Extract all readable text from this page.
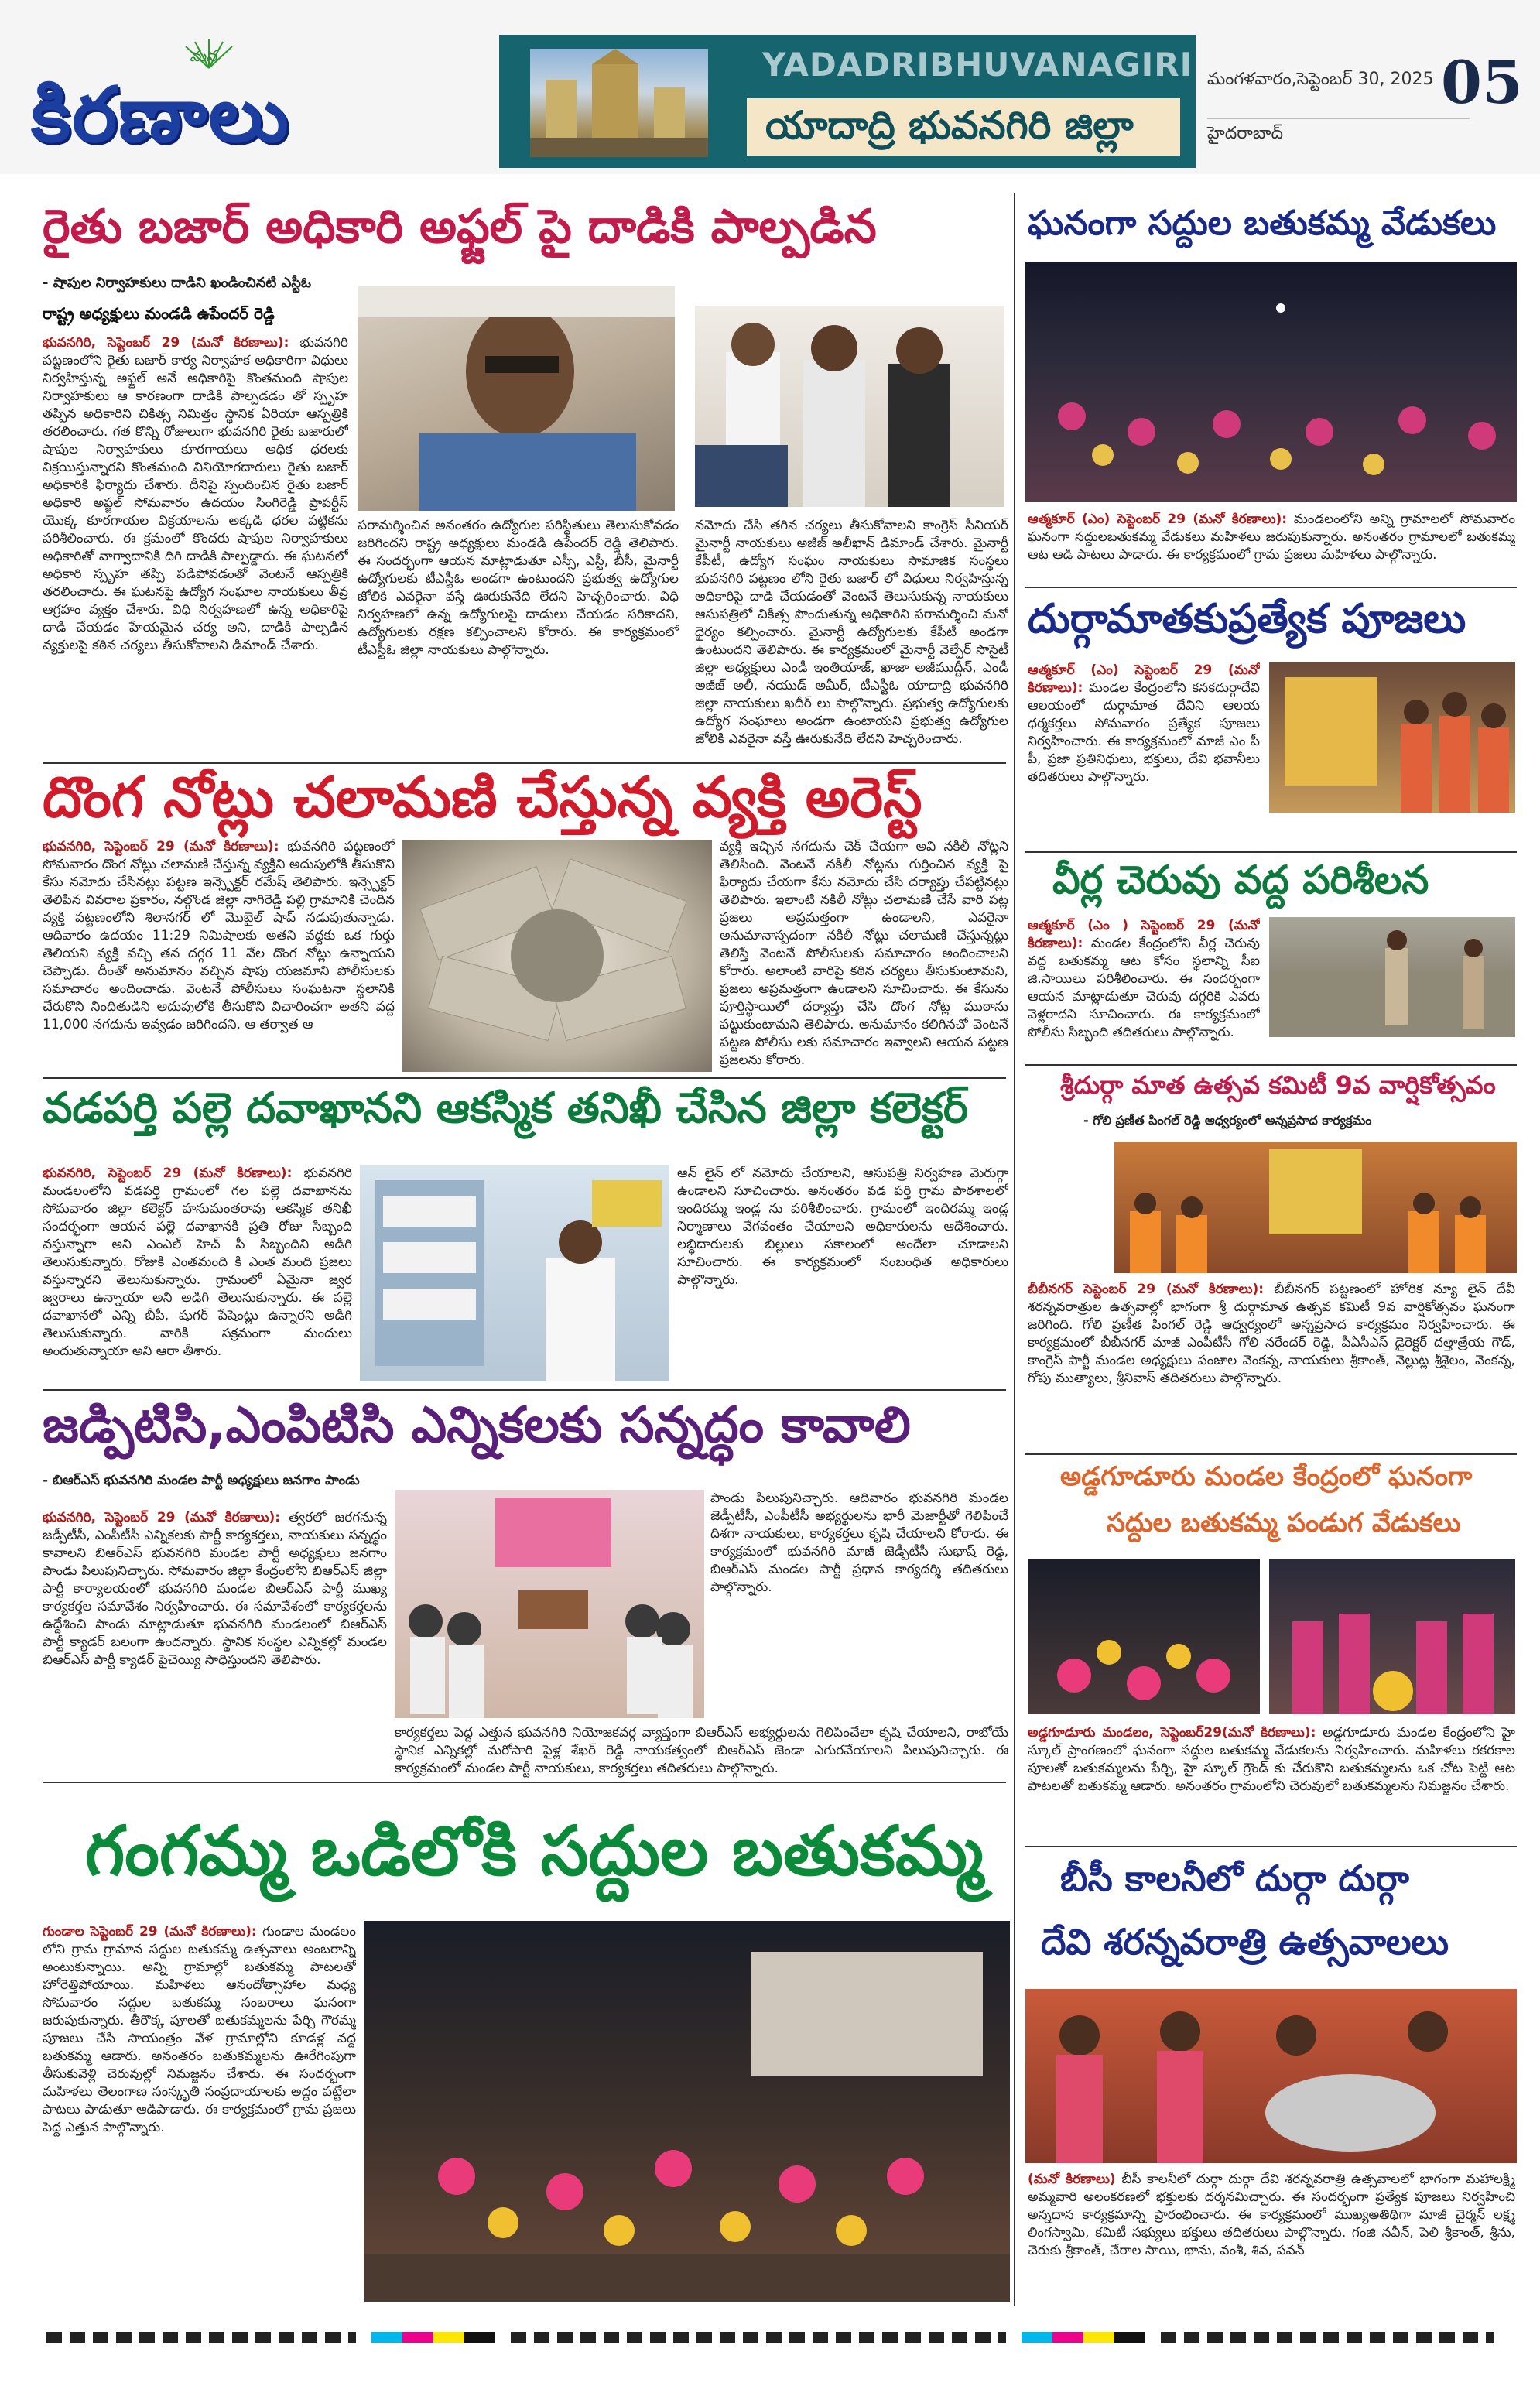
మన
కిరణాలు
YADADRIBHUVANAGIRI
యాదాద్రి భువనగిరి జిల్లా
మంగళవారం,సెప్టెంబర్ 30, 2025
హైదరాబాద్
05
రైతు బజార్ అధికారి అఫ్జల్ పై దాడికి పాల్పడిన
- షాపుల నిర్వాహకులు దాడిని ఖండించినటి ఎస్టీఓ
రాష్ట్ర అధ్యక్షులు మండడి ఉపేందర్ రెడ్డి
భువనగిరి, సెప్టెంబర్ 29 (మనో కిరణాలు): భువనగిరి పట్టణంలోని రైతు బజార్ కార్య నిర్వాహక అధికారిగా విధులు నిర్వహిస్తున్న అఫ్జల్ అనే అధికారిపై కొంతమంది షాపుల నిర్వాహకులు ఆ కారణంగా దాడికి పాల్పడడం తో స్పృహ తప్పిన అధికారిని చికిత్స నిమిత్తం స్థానిక ఏరియా ఆస్పత్రికి తరలించారు. గత కొన్ని రోజులుగా భువనగిరి రైతు బజారులో షాపుల నిర్వాహకులు కూరగాయలు అధిక ధరలకు విక్రయిస్తున్నారని కొంతమంది వినియోగదారులు రైతు బజార్ అధికారికి ఫిర్యాదు చేశారు. దీనిపై స్పందించిన రైతు బజార్ అధికారి అఫ్జల్ సోమవారం ఉదయం సింగిరెడ్డి ప్రాపర్టీస్ యొక్క కూరగాయల విక్రయాలను అక్కడి ధరల పట్టికను పరిశీలించారు. ఈ క్రమంలో కొందరు షాపుల నిర్వాహకులు అధికారితో వాగ్వాదానికి దిగి దాడికి పాల్పడ్డారు. ఈ ఘటనలో అధికారి స్పృహ తప్పి పడిపోవడంతో వెంటనే ఆస్పత్రికి తరలించారు. ఈ ఘటనపై ఉద్యోగ సంఘాల నాయకులు తీవ్ర ఆగ్రహం వ్యక్తం చేశారు. విధి నిర్వహణలో ఉన్న అధికారిపై దాడి చేయడం హేయమైన చర్య అని, దాడికి పాల్పడిన వ్యక్తులపై కఠిన చర్యలు తీసుకోవాలని డిమాండ్ చేశారు.
పరామర్శించిన అనంతరం ఉద్యోగుల పరిస్థితులు తెలుసుకోవడం జరిగిందని రాష్ట్ర అధ్యక్షులు మండడి ఉపేందర్ రెడ్డి తెలిపారు. ఈ సందర్భంగా ఆయన మాట్లాడుతూ ఎస్సీ, ఎస్టీ, బీసీ, మైనార్టీ ఉద్యోగులకు టీఎస్టీఓ అండగా ఉంటుందని ప్రభుత్వ ఉద్యోగుల జోలికి ఎవరైనా వస్తే ఊరుకునేది లేదని హెచ్చరించారు. విధి నిర్వహణలో ఉన్న ఉద్యోగులపై దాడులు చేయడం సరికాదని, ఉద్యోగులకు రక్షణ కల్పించాలని కోరారు. ఈ కార్యక్రమంలో టీఎస్టీఓ జిల్లా నాయకులు పాల్గొన్నారు.
నమోదు చేసి తగిన చర్యలు తీసుకోవాలని కాంగ్రెస్ సీనియర్ మైనార్టీ నాయకులు అజీజ్ అలీఖాన్ డిమాండ్ చేశారు. మైనార్టీ కేపీటీ, ఉద్యోగ సంఘం నాయకులు సామాజిక సంస్థలు భువనగిరి పట్టణం లోని రైతు బజార్ లో విధులు నిర్వహిస్తున్న అధికారిపై దాడి చేయడంతో వెంటనే తెలుసుకున్న నాయకులు ఆసుపత్రిలో చికిత్స పొందుతున్న అధికారిని పరామర్శించి మనో ధైర్యం కల్పించారు. మైనార్టీ ఉద్యోగులకు కేపీటీ అండగా ఉంటుందని తెలిపారు. ఈ కార్యక్రమంలో మైనార్టీ వెల్ఫేర్ సొసైటీ జిల్లా అధ్యక్షులు ఎండీ ఇంతియాజ్, ఖాజా అజీముద్దీన్, ఎండీ అజీజ్ అలీ, నయుడ్ అమీర్, టీఎస్టీఓ యాదాద్రి భువనగిరి జిల్లా నాయకులు ఖదీర్ లు పాల్గొన్నారు. ప్రభుత్వ ఉద్యోగులకు ఉద్యోగ సంఘాలు అండగా ఉంటాయని ప్రభుత్వ ఉద్యోగుల జోలికి ఎవరైనా వస్తే ఊరుకునేది లేదని హెచ్చరించారు.
దొంగ నోట్లు చలామణి చేస్తున్న వ్యక్తి అరెస్ట్
భువనగిరి, సెప్టెంబర్ 29 (మనో కిరణాలు): భువనగిరి పట్టణంలో సోమవారం దొంగ నోట్లు చలామణి చేస్తున్న వ్యక్తిని అదుపులోకి తీసుకొని కేసు నమోదు చేసినట్లు పట్టణ ఇన్స్పెక్టర్ రమేష్ తెలిపారు. ఇన్స్పెక్టర్ తెలిపిన వివరాల ప్రకారం, నల్గొండ జిల్లా నాగిరెడ్డి పల్లి గ్రామానికి చెందిన వ్యక్తి పట్టణంలోని శిలానగర్ లో మొబైల్ షాప్ నడుపుతున్నాడు. ఆదివారం ఉదయం 11:29 నిమిషాలకు అతని వద్దకు ఒక గుర్తు తెలియని వ్యక్తి వచ్చి తన దగ్గర 11 వేల దొంగ నోట్లు ఉన్నాయని చెప్పాడు. దీంతో అనుమానం వచ్చిన షాపు యజమాని పోలీసులకు సమాచారం అందించాడు. వెంటనే పోలీసులు సంఘటనా స్థలానికి చేరుకొని నిందితుడిని అదుపులోకి తీసుకొని విచారించగా అతని వద్ద 11,000 నగదును ఇవ్వడం జరిగిందని, ఆ తర్వాత ఆ
వ్యక్తి ఇచ్చిన నగదును చెక్ చేయగా అవి నకిలీ నోట్లని తెలిసింది. వెంటనే నకిలీ నోట్లను గుర్తించిన వ్యక్తి పై ఫిర్యాదు చేయగా కేసు నమోదు చేసి దర్యాప్తు చేపట్టినట్లు తెలిపారు. ఇలాంటి నకిలీ నోట్లు చలామణి చేసే వారి పట్ల ప్రజలు అప్రమత్తంగా ఉండాలని, ఎవరైనా అనుమానాస్పదంగా నకిలీ నోట్లు చలామణి చేస్తున్నట్లు తెలిస్తే వెంటనే పోలీసులకు సమాచారం అందించాలని కోరారు. అలాంటి వారిపై కఠిన చర్యలు తీసుకుంటామని, ప్రజలు అప్రమత్తంగా ఉండాలని సూచించారు. ఈ కేసును పూర్తిస్థాయిలో దర్యాప్తు చేసి దొంగ నోట్ల ముఠాను పట్టుకుంటామని తెలిపారు. అనుమానం కలిగినచో వెంటనే పట్టణ పోలీసు లకు సమాచారం ఇవ్వాలని ఆయన పట్టణ ప్రజలను కోరారు.
వడపర్తి పల్లె దవాఖానని ఆకస్మిక తనిఖీ చేసిన జిల్లా కలెక్టర్
భువనగిరి, సెప్టెంబర్ 29 (మనో కిరణాలు): భువనగిరి మండలంలోని వడపర్తి గ్రామంలో గల పల్లె దవాఖానను సోమవారం జిల్లా కలెక్టర్ హనుమంతరావు ఆకస్మిక తనిఖీ సందర్భంగా ఆయన పల్లె దవాఖానకి ప్రతి రోజు సిబ్బంది వస్తున్నారా అని ఎంఎల్ హెచ్ పీ సిబ్బందిని అడిగి తెలుసుకున్నారు. రోజుకి ఎంతమంది కి ఎంత మంది ప్రజలు వస్తున్నారని తెలుసుకున్నారు. గ్రామంలో ఏమైనా జ్వర జ్వరాలు ఉన్నాయా అని అడిగి తెలుసుకున్నారు. ఈ పల్లె దవాఖానలో ఎన్ని బీపీ, షుగర్ పేషెంట్లు ఉన్నారని అడిగి తెలుసుకున్నారు. వారికి సక్రమంగా మందులు అందుతున్నాయా అని ఆరా తీశారు.
ఆన్ లైన్ లో నమోదు చేయాలని, ఆసుపత్రి నిర్వహణ మెరుగ్గా ఉండాలని సూచించారు. అనంతరం వడ పర్తి గ్రామ పాఠశాలలో ఇందిరమ్మ ఇండ్ల ను పరిశీలించారు. గ్రామంలో ఇందిరమ్మ ఇండ్ల నిర్మాణాలు వేగవంతం చేయాలని అధికారులను ఆదేశించారు. లబ్ధిదారులకు బిల్లులు సకాలంలో అందేలా చూడాలని సూచించారు. ఈ కార్యక్రమంలో సంబంధిత అధికారులు పాల్గొన్నారు.
జడ్పిటిసి,ఎంపిటిసి ఎన్నికలకు సన్నద్ధం కావాలి
- బిఆర్ఎస్ భువనగిరి మండల పార్టీ అధ్యక్షులు జనగాం పాండు
భువనగిరి, సెప్టెంబర్ 29 (మనో కిరణాలు): త్వరలో జరగనున్న జడ్పీటీసీ, ఎంపీటీసీ ఎన్నికలకు పార్టీ కార్యకర్తలు, నాయకులు సన్నద్ధం కావాలని బిఆర్ఎస్ భువనగిరి మండల పార్టీ అధ్యక్షులు జనగాం పాండు పిలుపునిచ్చారు. సోమవారం జిల్లా కేంద్రంలోని బిఆర్ఎస్ జిల్లా పార్టీ కార్యాలయంలో భువనగిరి మండల బిఆర్ఎస్ పార్టీ ముఖ్య కార్యకర్తల సమావేశం నిర్వహించారు. ఈ సమావేశంలో కార్యకర్తలను ఉద్దేశించి పాండు మాట్లాడుతూ భువనగిరి మండలంలో బిఆర్ఎస్ పార్టీ క్యాడర్ బలంగా ఉందన్నారు. స్థానిక సంస్థల ఎన్నికల్లో మండల బిఆర్ఎస్ పార్టీ క్యాడర్ పైచెయ్యి సాధిస్తుందని తెలిపారు.
పాండు పిలుపునిచ్చారు. ఆదివారం భువనగిరి మండల జెడ్పీటీసీ, ఎంపీటీసీ అభ్యర్థులను భారీ మెజార్టీతో గెలిపించే దిశగా నాయకులు, కార్యకర్తలు కృషి చేయాలని కోరారు. ఈ కార్యక్రమంలో భువనగిరి మాజీ జెడ్పీటీసీ సుభాష్ రెడ్డి, బిఆర్ఎస్ మండల పార్టీ ప్రధాన కార్యదర్శి తదితరులు పాల్గొన్నారు.
కార్యకర్తలు పెద్ద ఎత్తున భువనగిరి నియోజకవర్గ వ్యాప్తంగా బిఆర్ఎస్ అభ్యర్థులను గెలిపించేలా కృషి చేయాలని, రాబోయే స్థానిక ఎన్నికల్లో మరోసారి పైళ్ల శేఖర్ రెడ్డి నాయకత్వంలో బిఆర్ఎస్ జెండా ఎగురవేయాలని పిలుపునిచ్చారు. ఈ కార్యక్రమంలో మండల పార్టీ నాయకులు, కార్యకర్తలు తదితరులు పాల్గొన్నారు.
గంగమ్మ ఒడిలోకి సద్దుల బతుకమ్మ
గుండాల సెప్టెంబర్ 29 (మనో కిరణాలు): గుండాల మండలం లోని గ్రామ గ్రామాన సద్దుల బతుకమ్మ ఉత్సవాలు అంబరాన్ని అంటుకున్నాయి. అన్ని గ్రామాల్లో బతుకమ్మ పాటలతో హోరెత్తిపోయాయి. మహిళలు ఆనందోత్సాహాల మధ్య సోమవారం సద్దుల బతుకమ్మ సంబరాలు ఘనంగా జరుపుకున్నారు. తీరొక్క పూలతో బతుకమ్మలను పేర్చి గౌరమ్మ పూజలు చేసి సాయంత్రం వేళ గ్రామాల్లోని కూడళ్ల వద్ద బతుకమ్మ ఆడారు. అనంతరం బతుకమ్మలను ఊరేగింపుగా తీసుకువెళ్లి చెరువుల్లో నిమజ్జనం చేశారు. ఈ సందర్భంగా మహిళలు తెలంగాణ సంస్కృతి సంప్రదాయాలకు అద్దం పట్టేలా పాటలు పాడుతూ ఆడిపాడారు. ఈ కార్యక్రమంలో గ్రామ ప్రజలు పెద్ద ఎత్తున పాల్గొన్నారు.
ఘనంగా సద్దుల బతుకమ్మ వేడుకలు
ఆత్మకూర్ (ఎం) సెప్టెంబర్ 29 (మనో కిరణాలు): మండలంలోని అన్ని గ్రామాలలో సోమవారం ఘనంగా సద్దులబతుకమ్మ వేడుకలు మహిళలు జరుపుకున్నారు. అనంతరం గ్రామాలలో బతుకమ్మ ఆట ఆడి పాటలు పాడారు. ఈ కార్యక్రమంలో గ్రామ ప్రజలు మహిళలు పాల్గొన్నారు.
దుర్గామాతకుప్రత్యేక పూజలు
ఆత్మకూర్ (ఎం) సెప్టెంబర్ 29 (మనో కిరణాలు): మండల కేంద్రంలోని కనకదుర్గాదేవి ఆలయంలో దుర్గామాత దేవిని ఆలయ ధర్మకర్తలు సోమవారం ప్రత్యేక పూజలు నిర్వహించారు. ఈ కార్యక్రమంలో మాజీ ఎం పీ పీ, ప్రజా ప్రతినిధులు, భక్తులు, దేవి భవానీలు తదితరులు పాల్గొన్నారు.
వీర్ల చెరువు వద్ద పరిశీలన
ఆత్మకూర్ (ఎం ) సెప్టెంబర్ 29 (మనో కిరణాలు): మండల కేంద్రంలోని వీర్ల చెరువు వద్ద బతుకమ్మ ఆట కోసం స్థలాన్ని సీఐ జి.సాయిలు పరిశీలించారు. ఈ సందర్భంగా ఆయన మాట్లాడుతూ చెరువు దగ్గరికి ఎవరు వెళ్లరాదని సూచించారు. ఈ కార్యక్రమంలో పోలీసు సిబ్బంది తదితరులు పాల్గొన్నారు.
శ్రీదుర్గా మాత ఉత్సవ కమిటీ 9వ వార్షికోత్సవం
- గోలి ప్రణీత పింగల్ రెడ్డి ఆధ్వర్యంలో అన్నప్రసాద కార్యక్రమం
బీబీనగర్ సెప్టెంబర్ 29 (మనో కిరణాలు): బీబీనగర్ పట్టణంలో హోరిక న్యూ లైన్ దేవీ శరన్నవరాత్రుల ఉత్సవాల్లో భాగంగా శ్రీ దుర్గామాత ఉత్సవ కమిటీ 9వ వార్షికోత్సవం ఘనంగా జరిగింది. గోలి ప్రణీత పింగల్ రెడ్డి ఆధ్వర్యంలో అన్నప్రసాద కార్యక్రమం నిర్వహించారు. ఈ కార్యక్రమంలో బీబీనగర్ మాజీ ఎంపీటీసీ గోలి నరేందర్ రెడ్డి, పీఏసీఎస్ డైరెక్టర్ దత్తాత్రేయ గౌడ్, కాంగ్రెస్ పార్టీ మండల అధ్యక్షులు పంజాల వెంకన్న, నాయకులు శ్రీకాంత్, నెల్లుట్ల శ్రీశైలం, వెంకన్న, గోపు ముత్యాలు, శ్రీనివాస్ తదితరులు పాల్గొన్నారు.
అడ్డగూడూరు మండల కేంద్రంలో ఘనంగా
సద్దుల బతుకమ్మ పండుగ వేడుకలు
అడ్డగూడూరు మండలం, సెప్టెంబర్29(మనో కిరణాలు): అడ్డగూడూరు మండల కేంద్రంలోని హై స్కూల్ ప్రాంగణంలో ఘనంగా సద్దుల బతుకమ్మ వేడుకలను నిర్వహించారు. మహిళలు రకరకాల పూలతో బతుకమ్మలను పేర్చి, హై స్కూల్ గ్రౌండ్ కు చేరుకొని బతుకమ్మలను ఒక చోట పెట్టి ఆట పాటలతో బతుకమ్మ ఆడారు. అనంతరం గ్రామంలోని చెరువులో బతుకమ్మలను నిమజ్జనం చేశారు.
బీసీ కాలనీలో దుర్గా దుర్గా
దేవి శరన్నవరాత్రి ఉత్సవాలలు
(మనో కిరణాలు) బీసీ కాలనీలో దుర్గా దుర్గా దేవి శరన్నవరాత్రి ఉత్సవాలలో భాగంగా మహాలక్ష్మి అమ్మవారి అలంకరణలో భక్తులకు దర్శనమిచ్చారు. ఈ సందర్భంగా ప్రత్యేక పూజలు నిర్వహించి అన్నదాన కార్యక్రమాన్ని ప్రారంభించారు. ఈ కార్యక్రమంలో ముఖ్యఅతిథిగా మాజీ చైర్మన్ లక్ష్మ లింగస్వామి, కమిటీ సభ్యులు భక్తులు తదితరులు పాల్గొన్నారు. గంజి నవీన్, పెలి శ్రీకాంత్, శ్రీను, చెరుకు శ్రీకాంత్, చేరాల సాయి, భాను, వంశీ, శివ, పవన్
